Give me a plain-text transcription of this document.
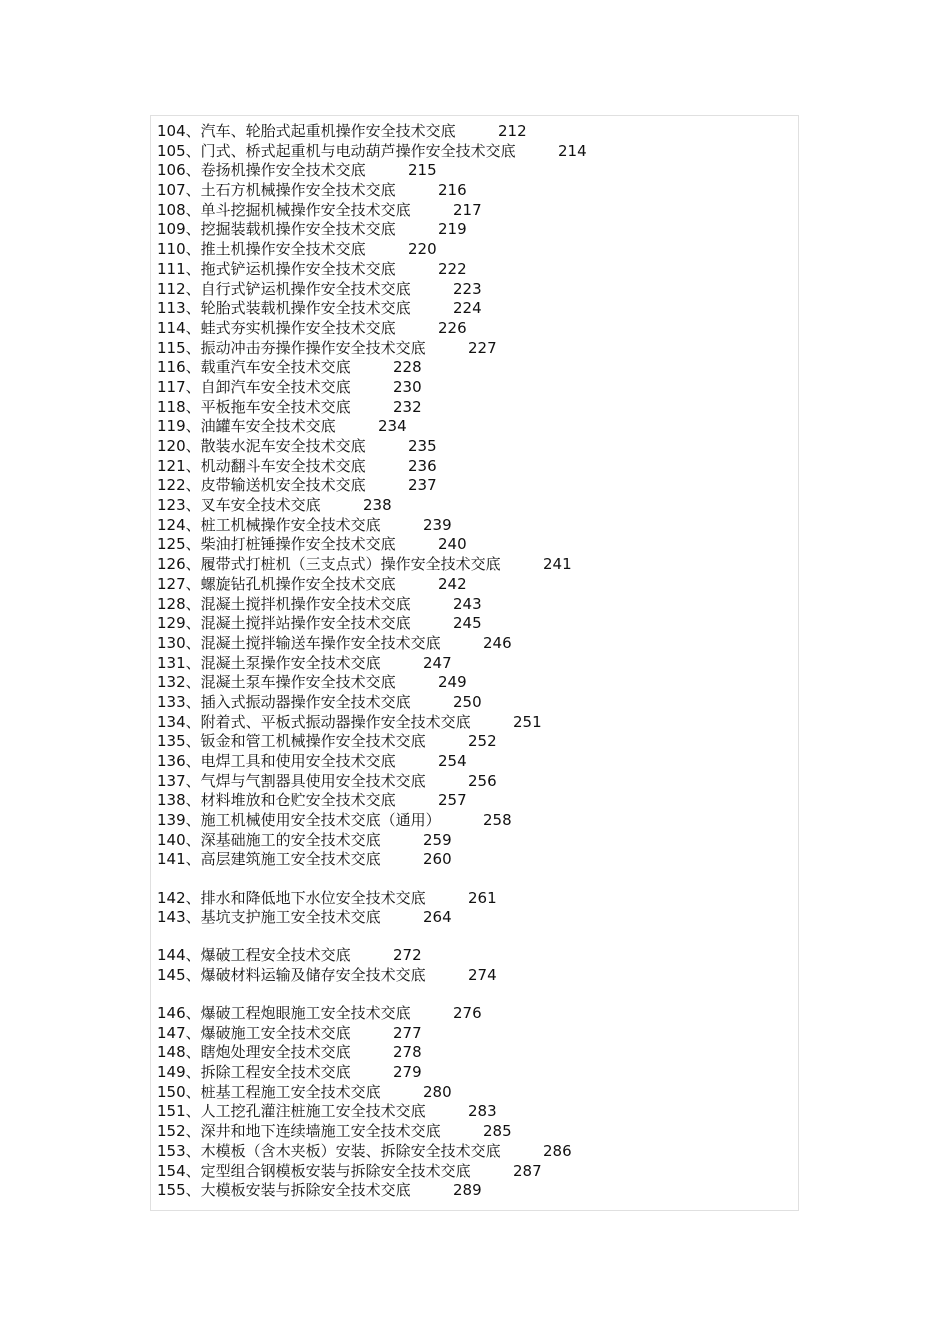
104、汽车、轮胎式起重机操作安全技术交底	212
105、门式、桥式起重机与电动葫芦操作安全技术交底	214
106、卷扬机操作安全技术交底	215
107、土石方机械操作安全技术交底	216
108、单斗挖掘机械操作安全技术交底	217
109、挖掘装载机操作安全技术交底	219
110、推土机操作安全技术交底	220
111、拖式铲运机操作安全技术交底	222
112、自行式铲运机操作安全技术交底	223
113、轮胎式装载机操作安全技术交底	224
114、蛙式夯实机操作安全技术交底	226
115、振动冲击夯操作操作安全技术交底	227
116、载重汽车安全技术交底	228
117、自卸汽车安全技术交底	230
118、平板拖车安全技术交底	232
119、油罐车安全技术交底	234
120、散装水泥车安全技术交底	235
121、机动翻斗车安全技术交底	236
122、皮带输送机安全技术交底	237
123、叉车安全技术交底	238
124、桩工机械操作安全技术交底	239
125、柴油打桩锤操作安全技术交底	240
126、履带式打桩机（三支点式）操作安全技术交底	241
127、螺旋钻孔机操作安全技术交底	242
128、混凝土搅拌机操作安全技术交底	243
129、混凝土搅拌站操作安全技术交底	245
130、混凝土搅拌输送车操作安全技术交底	246
131、混凝土泵操作安全技术交底	247
132、混凝土泵车操作安全技术交底	249
133、插入式振动器操作安全技术交底	250
134、附着式、平板式振动器操作安全技术交底	251
135、钣金和管工机械操作安全技术交底	252
136、电焊工具和使用安全技术交底	254
137、气焊与气割器具使用安全技术交底	256
138、材料堆放和仓贮安全技术交底	257
139、施工机械使用安全技术交底（通用）	258
140、深基础施工的安全技术交底	259
141、高层建筑施工安全技术交底	260
142、排水和降低地下水位安全技术交底	261
143、基坑支护施工安全技术交底	264
144、爆破工程安全技术交底	272
145、爆破材料运输及储存安全技术交底	274
146、爆破工程炮眼施工安全技术交底	276
147、爆破施工安全技术交底	277
148、瞎炮处理安全技术交底	278
149、拆除工程安全技术交底	279
150、桩基工程施工安全技术交底	280
151、人工挖孔灌注桩施工安全技术交底	283
152、深井和地下连续墙施工安全技术交底	285
153、木模板（含木夹板）安装、拆除安全技术交底	286
154、定型组合钢模板安装与拆除安全技术交底	287
155、大模板安装与拆除安全技术交底	289
